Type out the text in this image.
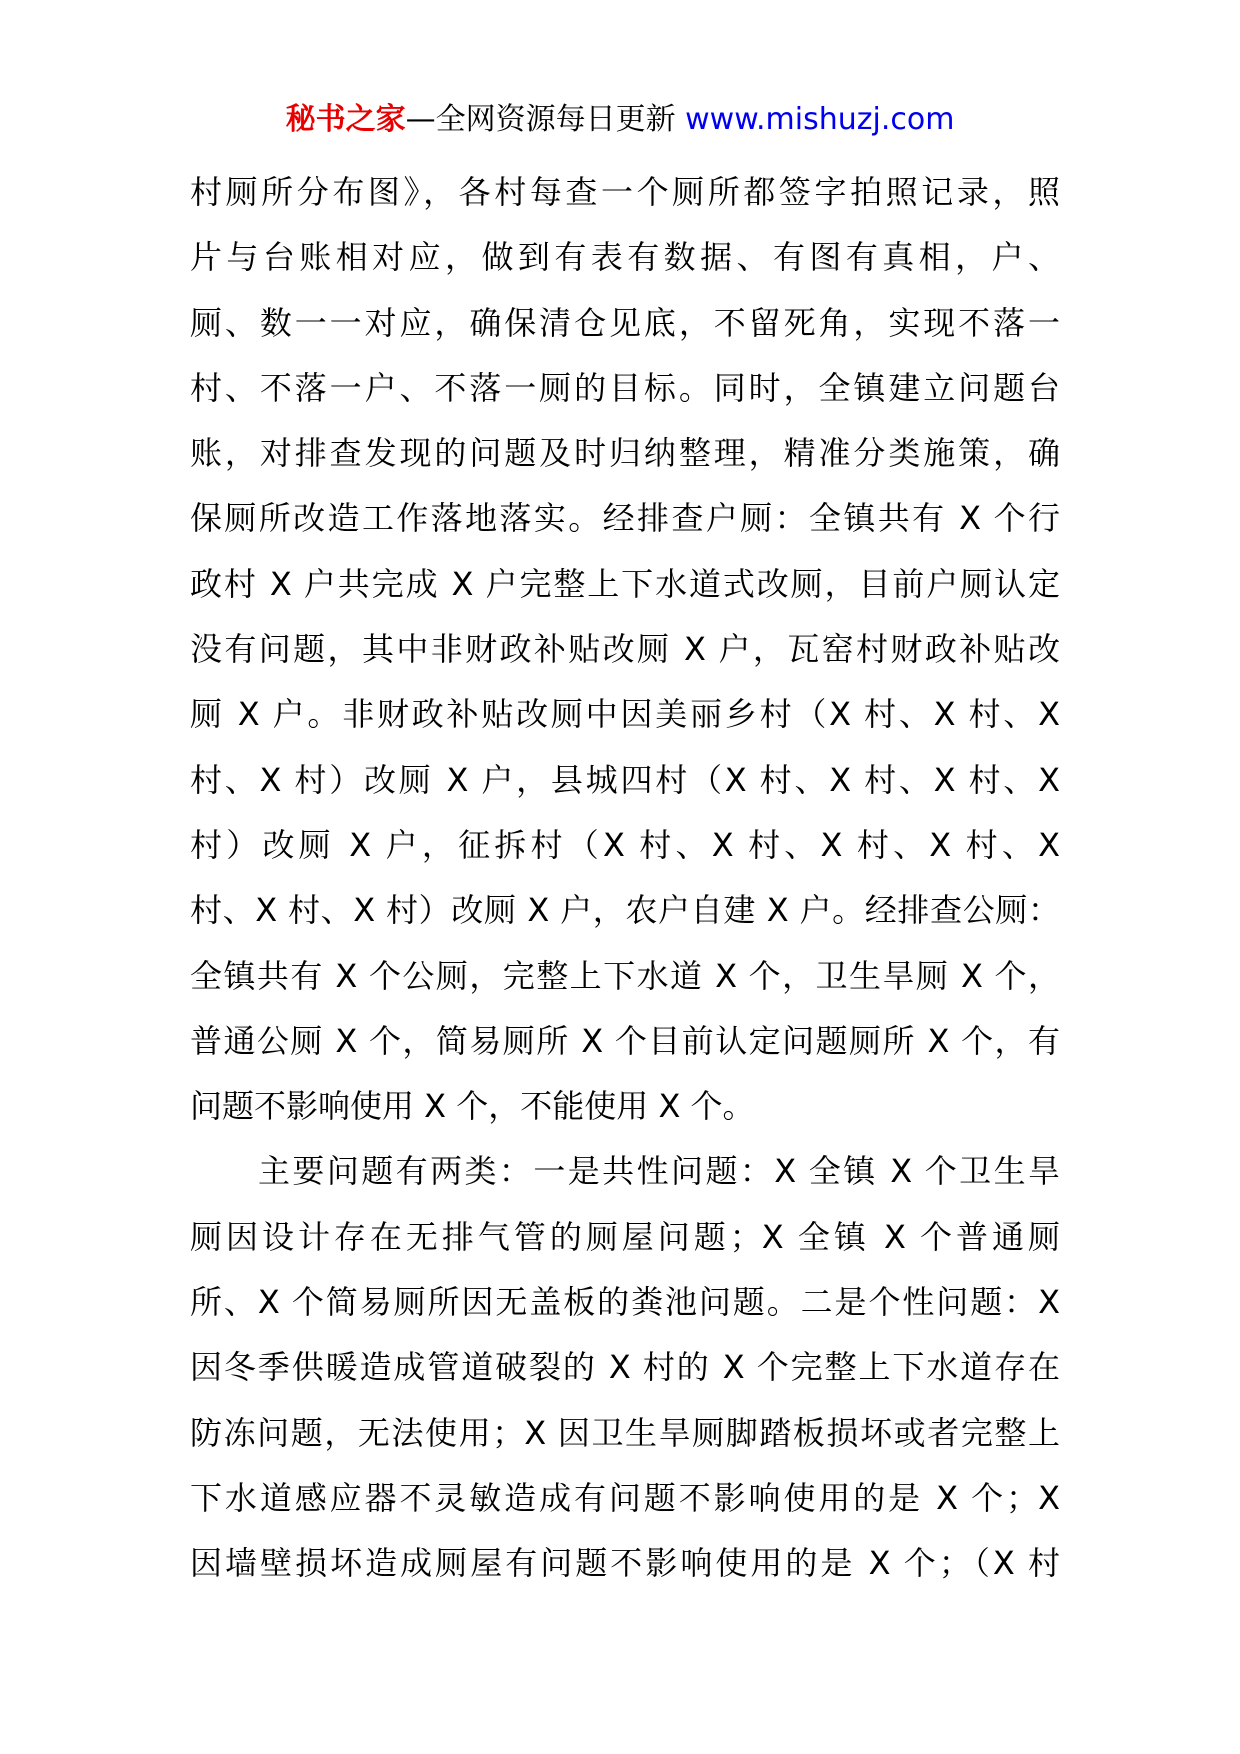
秘书之家—全网资源每日更新 www.mishuzj.com
村厕所分布图》，各村每查一个厕所都签字拍照记录，照
片与台账相对应，做到有表有数据、有图有真相，户、
厕、数一一对应，确保清仓见底，不留死角，实现不落一
村、不落一户、不落一厕的目标。同时，全镇建立问题台
账，对排查发现的问题及时归纳整理，精准分类施策，确
保厕所改造工作落地落实。经排查户厕：全镇共有 X 个行
政村 X 户共完成 X 户完整上下水道式改厕，目前户厕认定
没有问题，其中非财政补贴改厕 X 户，瓦窑村财政补贴改
厕 X 户。非财政补贴改厕中因美丽乡村（X 村、X 村、X
村、X 村）改厕 X 户，县城四村（X 村、X 村、X 村、X
村）改厕 X 户，征拆村（X 村、X 村、X 村、X 村、X
村、X 村、X 村）改厕 X 户，农户自建 X 户。经排查公厕：
全镇共有 X 个公厕，完整上下水道 X 个，卫生旱厕 X 个，
普通公厕 X 个，简易厕所 X 个目前认定问题厕所 X 个，有
问题不影响使用 X 个，不能使用 X 个。
主要问题有两类：一是共性问题：X 全镇 X 个卫生旱
厕因设计存在无排气管的厕屋问题；X 全镇 X 个普通厕
所、X 个简易厕所因无盖板的粪池问题。二是个性问题：X
因冬季供暖造成管道破裂的 X 村的 X 个完整上下水道存在
防冻问题，无法使用；X 因卫生旱厕脚踏板损坏或者完整上
下水道感应器不灵敏造成有问题不影响使用的是 X 个；X
因墙壁损坏造成厕屋有问题不影响使用的是 X 个；（X 村
